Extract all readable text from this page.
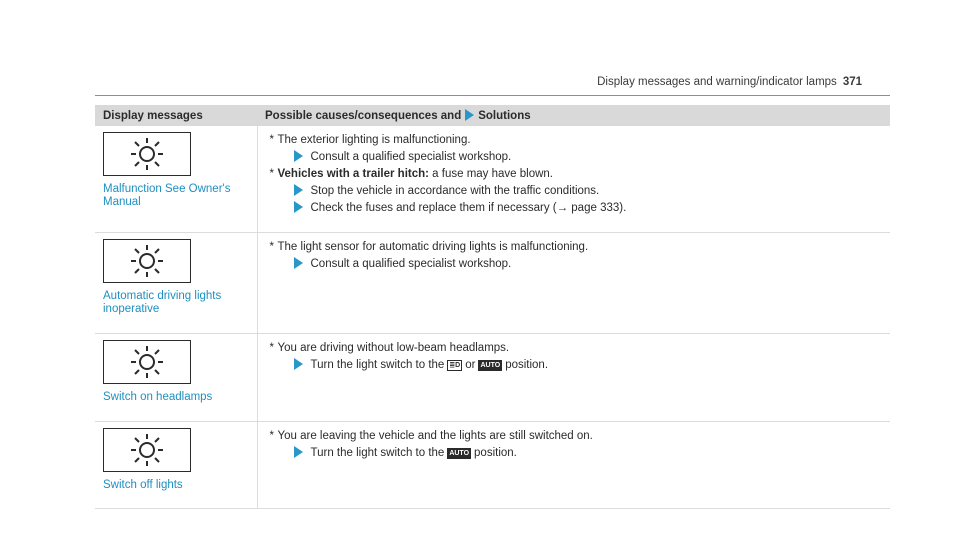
Display messages and warning/indicator lamps 371
Display messages	Possible causes/consequences and Solutions

Malfunction See Owner's Manual	* The exterior lighting is malfunctioning.
Consult a qualified specialist workshop.
* Vehicles with a trailer hitch: a fuse may have blown.
Stop the vehicle in accordance with the traffic conditions.
Check the fuses and replace them if necessary (→ page 333).

Automatic driving lights inoperative	* The light sensor for automatic driving lights is malfunctioning.
Consult a qualified specialist workshop.

Switch on headlamps	* You are driving without low-beam headlamps.
Turn the light switch to the ≣D or AUTO position.

Switch off lights	* You are leaving the vehicle and the lights are still switched on.
Turn the light switch to the AUTO position.
